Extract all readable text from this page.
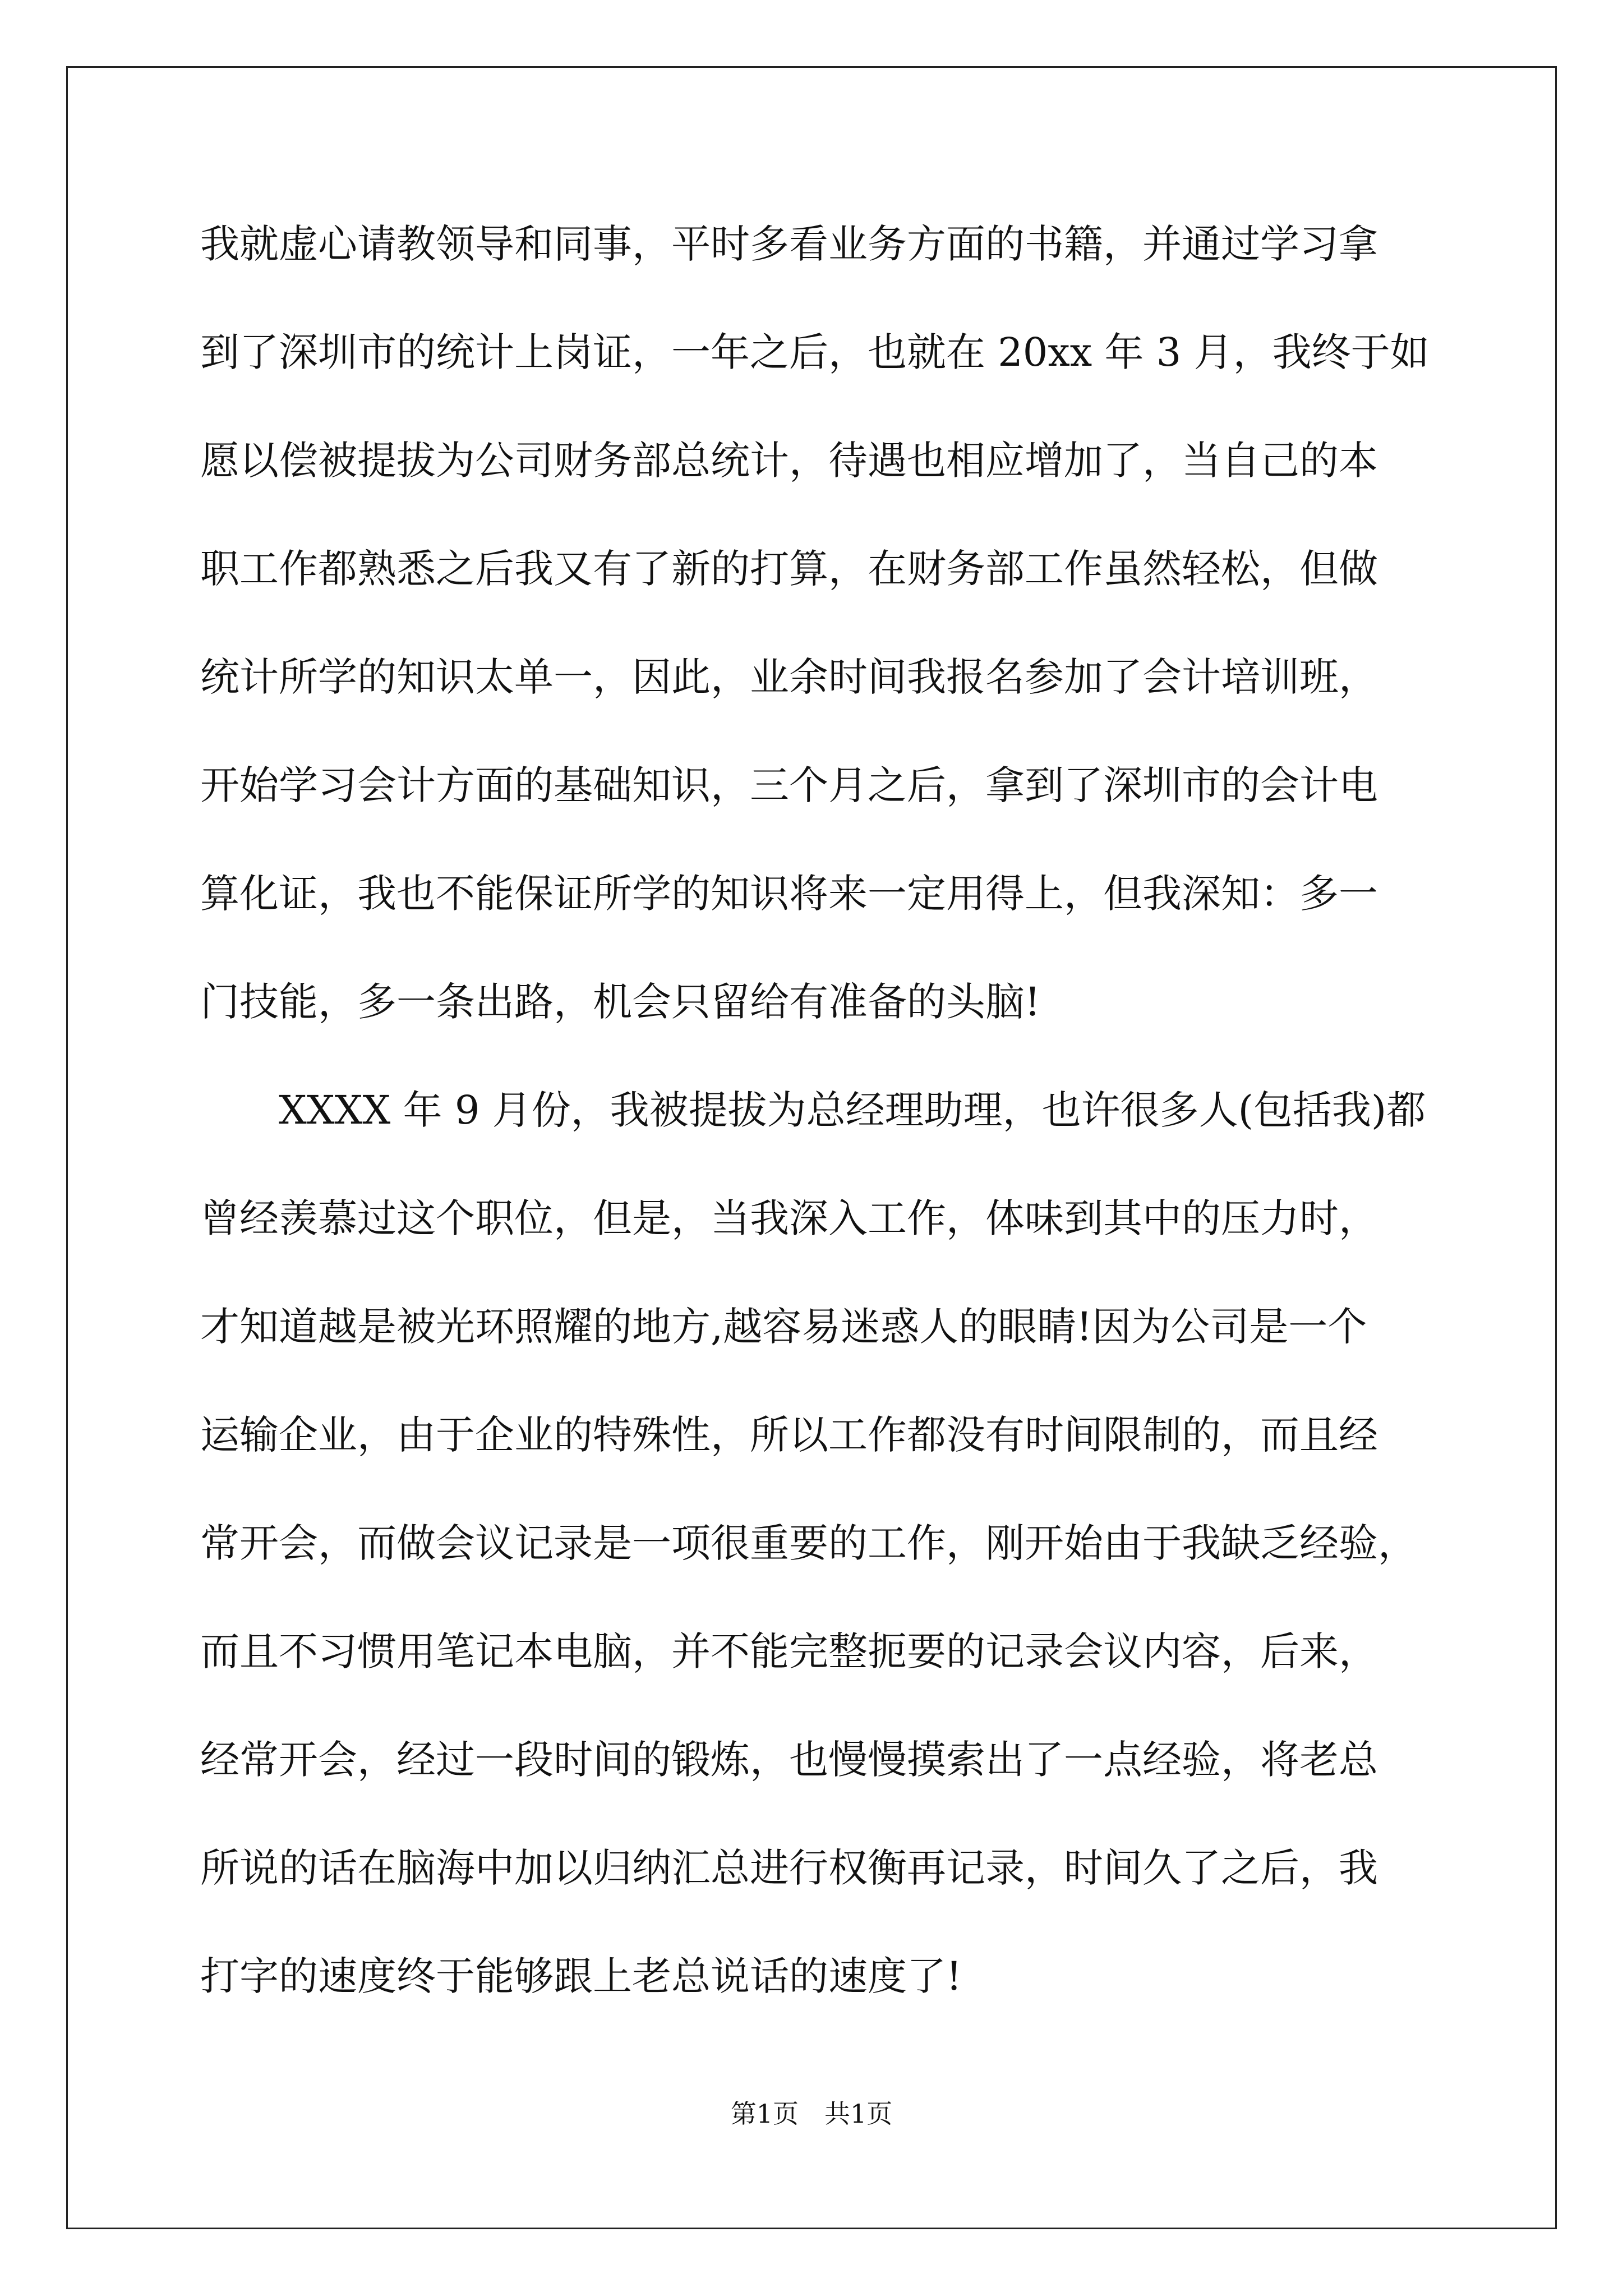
我就虚心请教领导和同事，平时多看业务方面的书籍，并通过学习拿
到了深圳市的统计上岗证，一年之后，也就在 20xx 年 3 月，我终于如
愿以偿被提拔为公司财务部总统计，待遇也相应增加了，当自己的本
职工作都熟悉之后我又有了新的打算，在财务部工作虽然轻松，但做
统计所学的知识太单一，因此，业余时间我报名参加了会计培训班，
开始学习会计方面的基础知识，三个月之后，拿到了深圳市的会计电
算化证，我也不能保证所学的知识将来一定用得上，但我深知：多一
门技能，多一条出路，机会只留给有准备的头脑!
XXXX 年 9 月份，我被提拔为总经理助理，也许很多人(包括我)都
曾经羡慕过这个职位，但是，当我深入工作，体味到其中的压力时，
才知道越是被光环照耀的地方,越容易迷惑人的眼睛!因为公司是一个
运输企业，由于企业的特殊性，所以工作都没有时间限制的，而且经
常开会，而做会议记录是一项很重要的工作，刚开始由于我缺乏经验，
而且不习惯用笔记本电脑，并不能完整扼要的记录会议内容，后来，
经常开会，经过一段时间的锻炼，也慢慢摸索出了一点经验，将老总
所说的话在脑海中加以归纳汇总进行权衡再记录，时间久了之后，我
打字的速度终于能够跟上老总说话的速度了!
第1页 共1页
